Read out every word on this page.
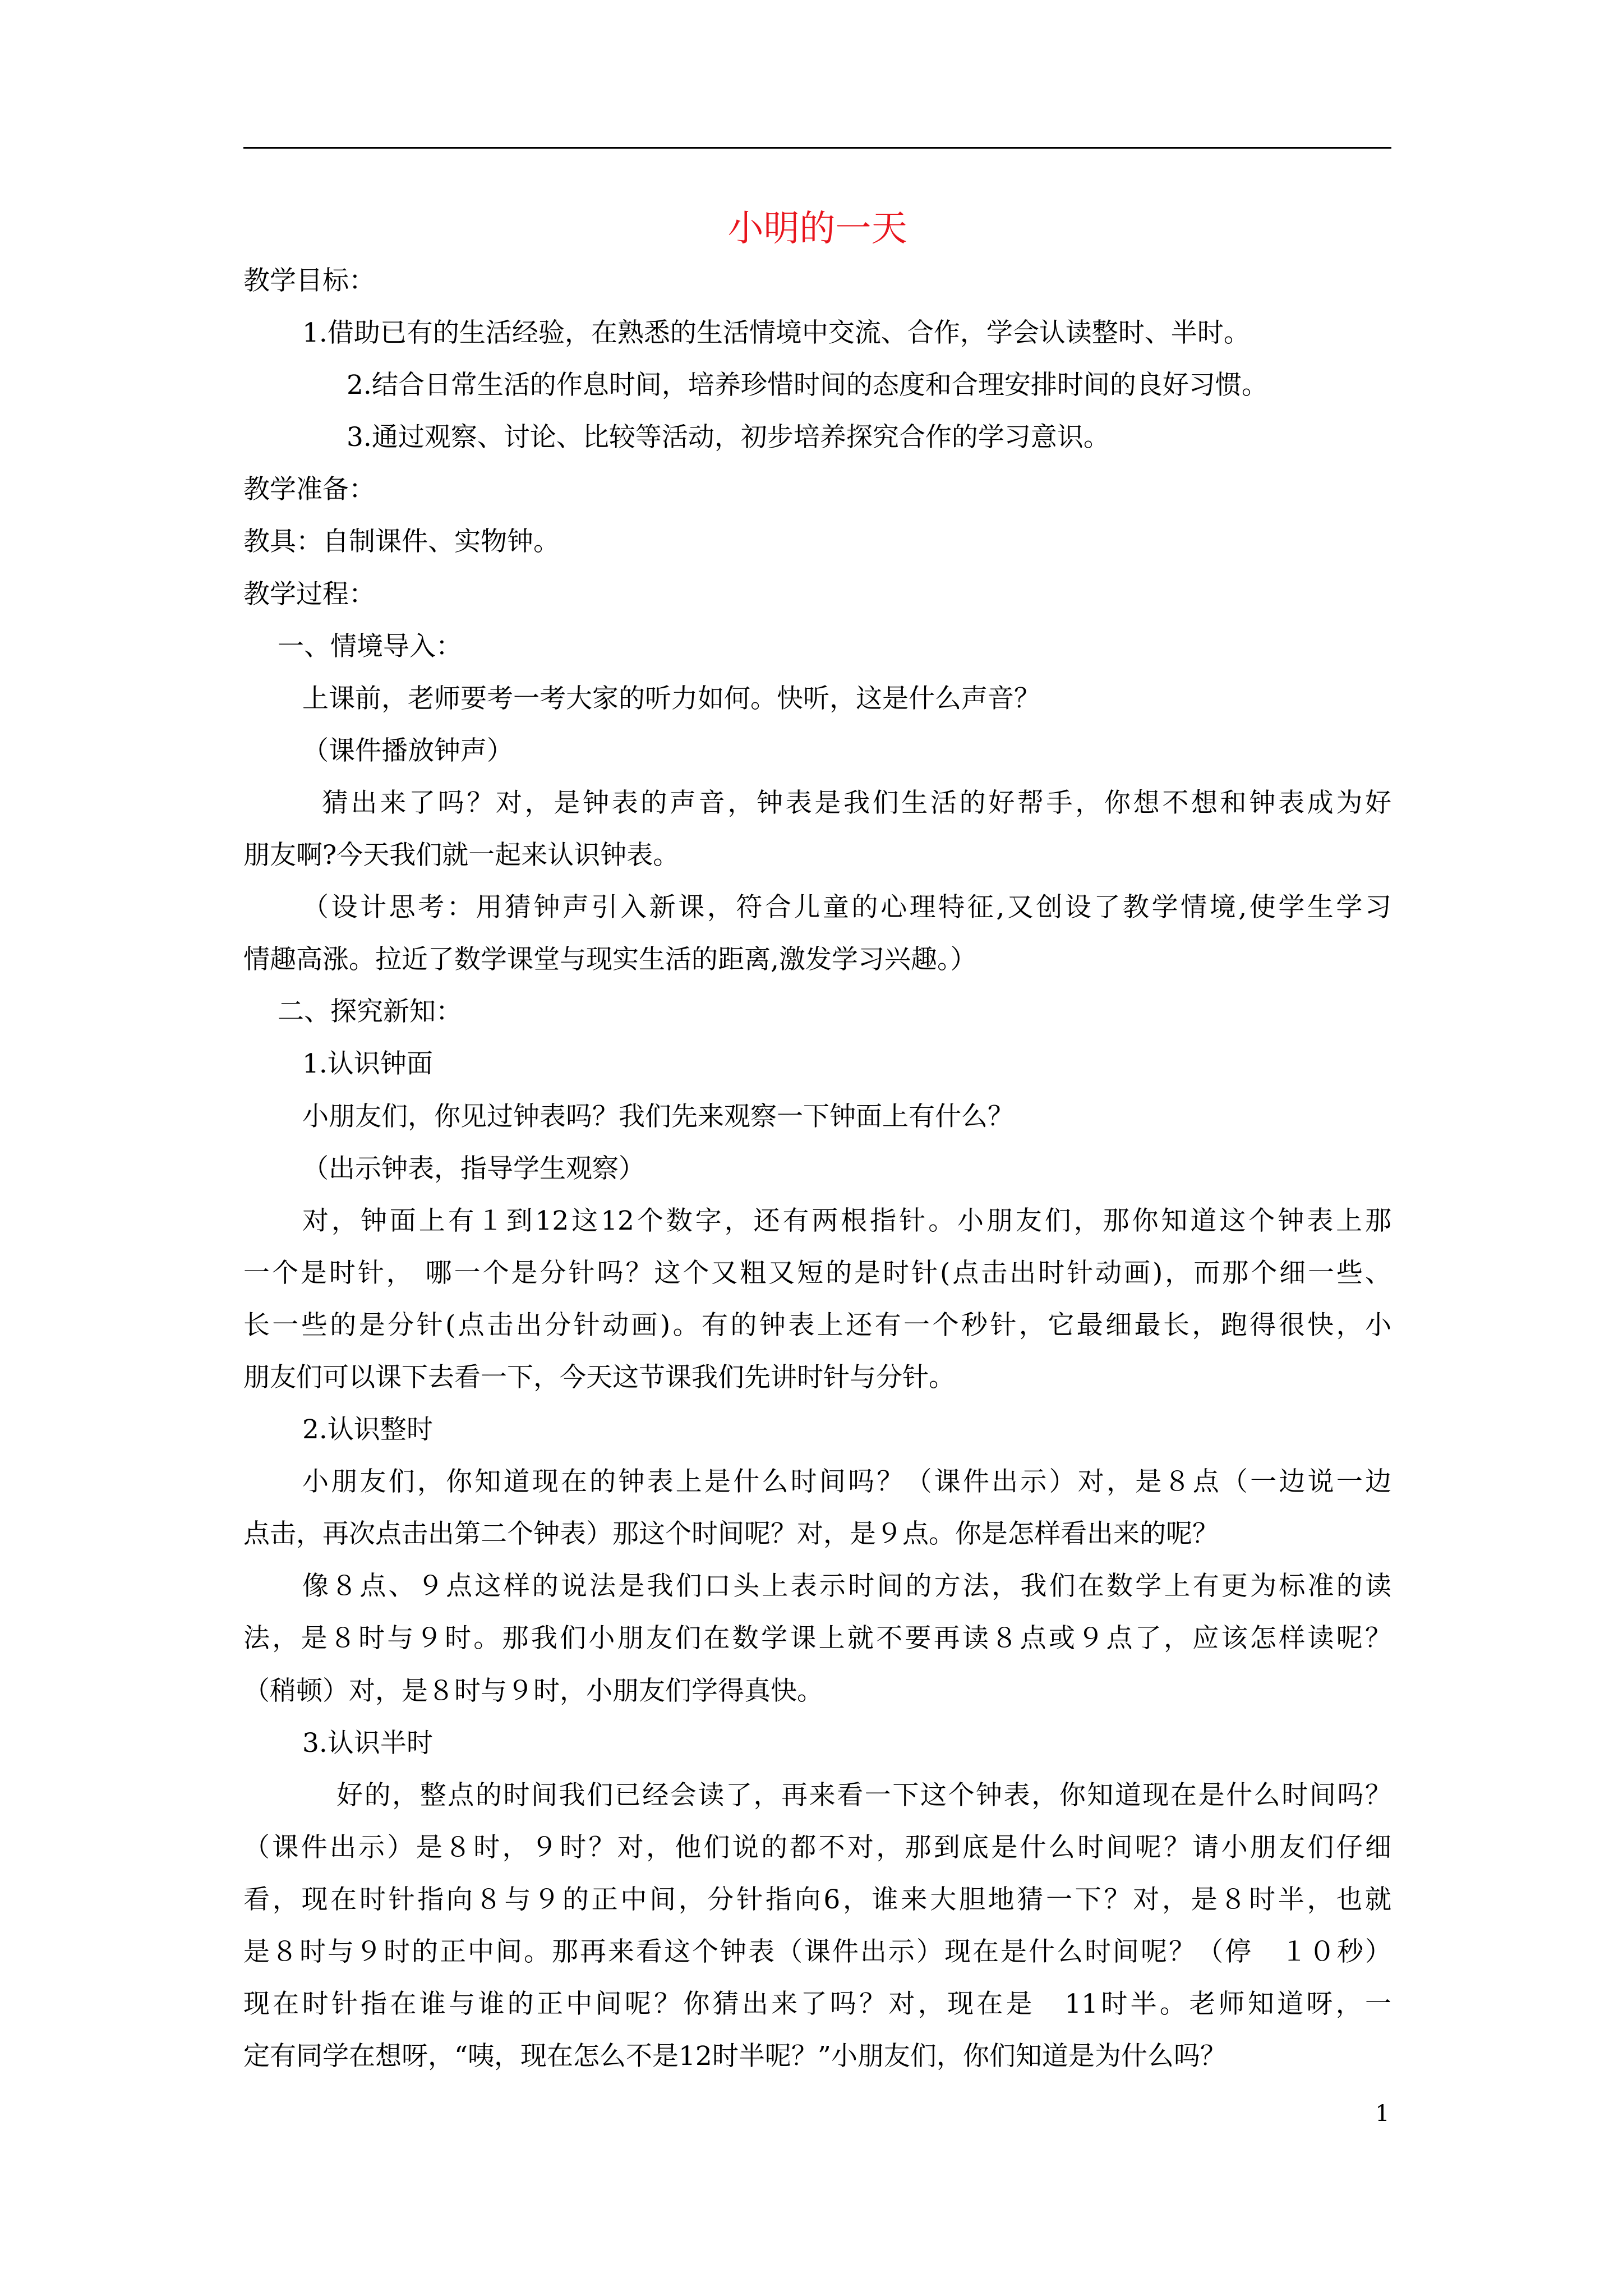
小明的一天
教学目标：
1.借助已有的生活经验，在熟悉的生活情境中交流、合作，学会认读整时、半时。
2.结合日常生活的作息时间，培养珍惜时间的态度和合理安排时间的良好习惯。
3.通过观察、讨论、比较等活动，初步培养探究合作的学习意识。
教学准备：
教具：自制课件、实物钟。
教学过程：
一、情境导入：
上课前，老师要考一考大家的听力如何。快听，这是什么声音？
（课件播放钟声）
猜出来了吗？对，是钟表的声音，钟表是我们生活的好帮手，你想不想和钟表成为好
朋友啊?今天我们就一起来认识钟表。
（设计思考：用猜钟声引入新课，符合儿童的心理特征,又创设了教学情境,使学生学习
情趣高涨。拉近了数学课堂与现实生活的距离,激发学习兴趣。）
二、探究新知：
1.认识钟面
小朋友们，你见过钟表吗？我们先来观察一下钟面上有什么？
（出示钟表，指导学生观察）
对，钟面上有１到12这12个数字，还有两根指针。小朋友们，那你知道这个钟表上那
一个是时针， 哪一个是分针吗？这个又粗又短的是时针(点击出时针动画)，而那个细一些、
长一些的是分针(点击出分针动画)。有的钟表上还有一个秒针，它最细最长，跑得很快，小
朋友们可以课下去看一下，今天这节课我们先讲时针与分针。
2.认识整时
小朋友们，你知道现在的钟表上是什么时间吗？（课件出示）对，是８点（一边说一边
点击，再次点击出第二个钟表）那这个时间呢？对，是９点。你是怎样看出来的呢？
像８点、９点这样的说法是我们口头上表示时间的方法，我们在数学上有更为标准的读
法，是８时与９时。那我们小朋友们在数学课上就不要再读８点或９点了，应该怎样读呢？
（稍顿）对，是８时与９时，小朋友们学得真快。
3.认识半时
好的，整点的时间我们已经会读了，再来看一下这个钟表，你知道现在是什么时间吗？
（课件出示）是８时，９时？对，他们说的都不对，那到底是什么时间呢？请小朋友们仔细
看，现在时针指向８与９的正中间，分针指向6，谁来大胆地猜一下？对，是８时半，也就
是８时与９时的正中间。那再来看这个钟表（课件出示）现在是什么时间呢？（停　１０秒）
现在时针指在谁与谁的正中间呢？你猜出来了吗？对，现在是　11时半。老师知道呀，一
定有同学在想呀，“咦，现在怎么不是12时半呢？”小朋友们，你们知道是为什么吗？
1
